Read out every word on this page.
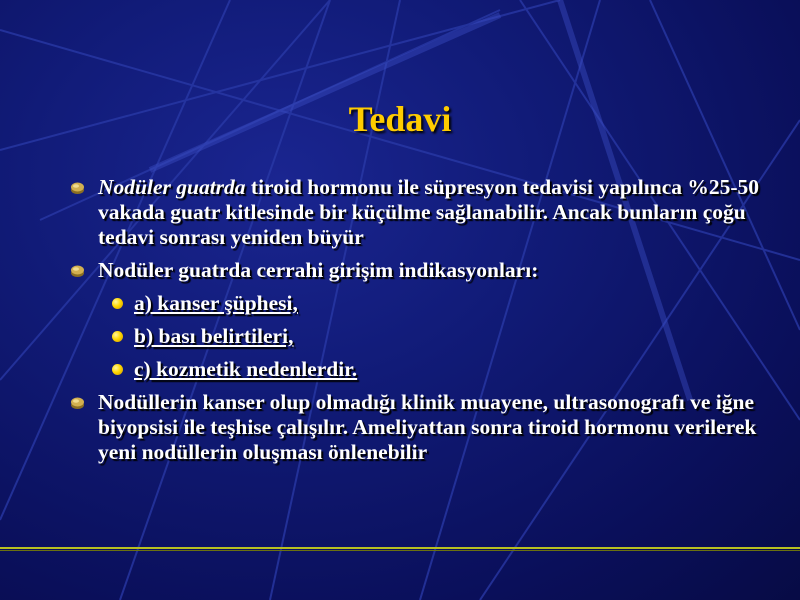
Tedavi
Nodüler guatrda tiroid hormonu ile süpresyon tedavisi yapılınca %25-50 vakada guatr kitlesinde bir küçülme sağlanabilir. Ancak bunların çoğu tedavi sonrası yeniden büyür
Nodüler guatrda cerrahi girişim indikasyonları:
a) kanser şüphesi,
b) bası belirtileri,
c) kozmetik nedenlerdir.
Nodüllerin kanser olup olmadığı klinik muayene, ultrasonografı ve iğne biyopsisi ile teşhise çalışılır. Ameliyattan sonra tiroid hormonu verilerek yeni nodüllerin oluşması önlenebilir
